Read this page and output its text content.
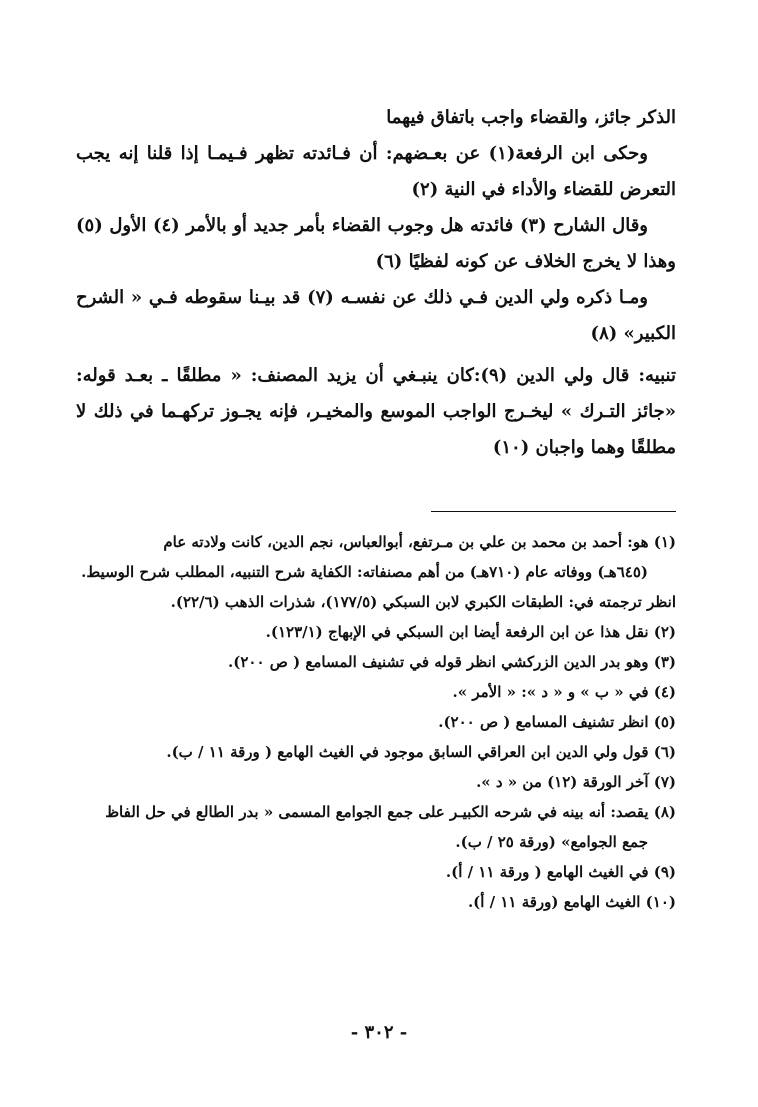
الذكر جائز، والقضاء واجب باتفاق فيهما

وحكى ابن الرفعة(١) عن بعـضهم: أن فـائدته تظهر فـيمـا إذا قلنا إنه يجب التعرض للقضاء والأداء في النية (٢)

وقال الشارح (٣) فائدته هل وجوب القضاء بأمر جديد أو بالأمر (٤) الأول (٥) وهذا لا يخرج الخلاف عن كونه لفظيًا (٦)

ومـا ذكره ولي الدين فـي ذلك عن نفسـه (٧) قد بيـنا سقوطه فـي « الشرح الكبير» (٨)

تنبيه: قال ولي الدين (٩):كان ينبـغي أن يزيد المصنف: « مطلقًا ـ بعـد قوله: «جائز التـرك » ليخـرج الواجب الموسع والمخيـر، فإنه يجـوز تركهـما في ذلك لا مطلقًا وهما واجبان (١٠)

(١) هو: أحمد بن محمد بن علي بن مـرتفع، أبوالعباس، نجم الدين، كانت ولادته عام

(٦٤٥هـ) ووفاته عام (٧١٠هـ) من أهم مصنفاته: الكفاية شرح التنبيه، المطلب شرح الوسيط.

انظر ترجمته في: الطبقات الكبري لابن السبكي (١٧٧/٥)، شذرات الذهب (٢٢/٦).

(٢) نقل هذا عن ابن الرفعة أيضا ابن السبكي في الإبهاج (١٢٣/١).

(٣) وهو بدر الدين الزركشي انظر قوله في تشنيف المسامع ( ص ٢٠٠).

(٤) في « ب » و « د »: « الأمر ».

(٥) انظر تشنيف المسامع ( ص ٢٠٠).

(٦) قول ولي الدين ابن العراقي السابق موجود في الغيث الهامع ( ورقة ١١ / ب).

(٧) آخر الورقة (١٢) من « د ».

(٨) يقصد: أنه بينه في شرحه الكبيـر على جمع الجوامع المسمى « بدر الطالع في حل الفاظ

جمع الجوامع» (ورقة ٢٥ / ب).

(٩) في الغيث الهامع ( ورقة ١١ / أ).

(١٠) الغيث الهامع (ورقة ١١ / أ).

- ٣٠٢ -
